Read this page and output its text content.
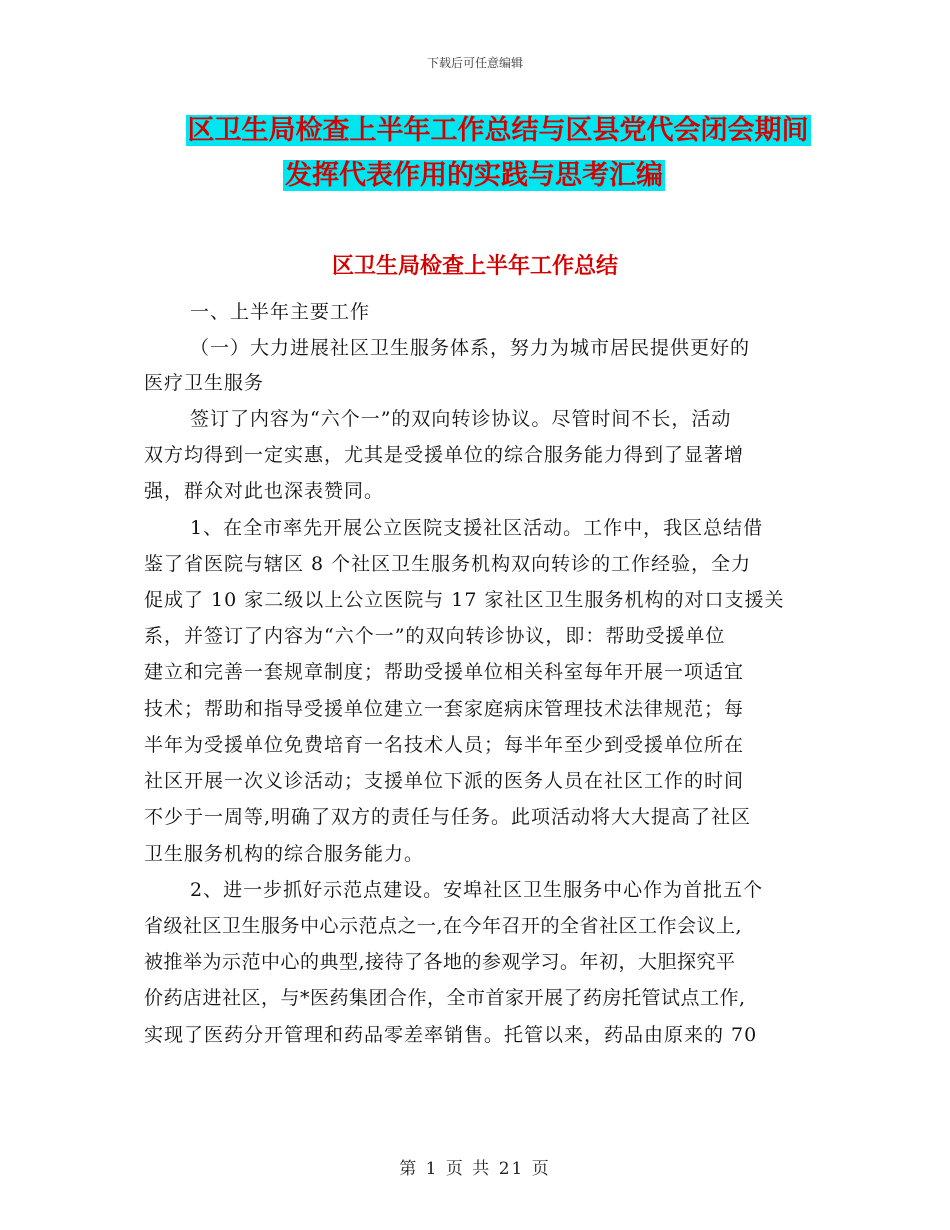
下载后可任意编辑
区卫生局检查上半年工作总结与区县党代会闭会期间
发挥代表作用的实践与思考汇编
区卫生局检查上半年工作总结
一、上半年主要工作
（一）大力进展社区卫生服务体系，努力为城市居民提供更好的
医疗卫生服务
签订了内容为“六个一”的双向转诊协议。尽管时间不长，活动
双方均得到一定实惠，尤其是受援单位的综合服务能力得到了显著增
强，群众对此也深表赞同。
1、在全市率先开展公立医院支援社区活动。工作中，我区总结借
鉴了省医院与辖区 8 个社区卫生服务机构双向转诊的工作经验，全力
促成了 10 家二级以上公立医院与 17 家社区卫生服务机构的对口支援关
系，并签订了内容为“六个一”的双向转诊协议，即：帮助受援单位
建立和完善一套规章制度；帮助受援单位相关科室每年开展一项适宜
技术；帮助和指导受援单位建立一套家庭病床管理技术法律规范；每
半年为受援单位免费培育一名技术人员；每半年至少到受援单位所在
社区开展一次义诊活动；支援单位下派的医务人员在社区工作的时间
不少于一周等,明确了双方的责任与任务。此项活动将大大提高了社区
卫生服务机构的综合服务能力。
2、进一步抓好示范点建设。安埠社区卫生服务中心作为首批五个
省级社区卫生服务中心示范点之一,在今年召开的全省社区工作会议上,
被推举为示范中心的典型,接待了各地的参观学习。年初，大胆探究平
价药店进社区，与*医药集团合作，全市首家开展了药房托管试点工作,
实现了医药分开管理和药品零差率销售。托管以来，药品由原来的 70
第 1 页 共 21 页
